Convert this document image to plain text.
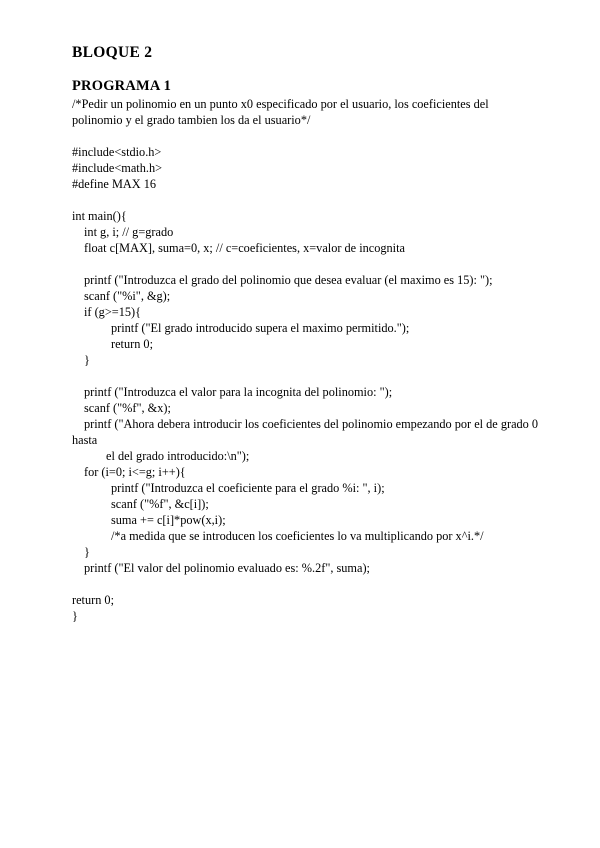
BLOQUE 2
PROGRAMA 1
/*Pedir un polinomio en un punto x0 especificado por el usuario, los coeficientes del polinomio y el grado tambien los da el usuario*/
#include<stdio.h>
#include<math.h>
#define MAX 16
int main(){
int g, i; // g=grado
float c[MAX], suma=0, x; // c=coeficientes, x=valor de incognita
printf ("Introduzca el grado del polinomio que desea evaluar (el maximo es 15): ");
scanf ("%i", &g);
if (g>=15){
printf ("El grado introducido supera el maximo permitido.");
return 0;
}
printf ("Introduzca el valor para la incognita del polinomio: ");
scanf ("%f", &x);
printf ("Ahora debera introducir los coeficientes del polinomio empezando por el de grado 0 hasta
el del grado introducido:\n");
for (i=0; i<=g; i++){
printf ("Introduzca el coeficiente para el grado %i: ", i);
scanf ("%f", &c[i]);
suma += c[i]*pow(x,i);
/*a medida que se introducen los coeficientes lo va multiplicando por x^i.*/
}
printf ("El valor del polinomio evaluado es: %.2f", suma);
return 0;
}
